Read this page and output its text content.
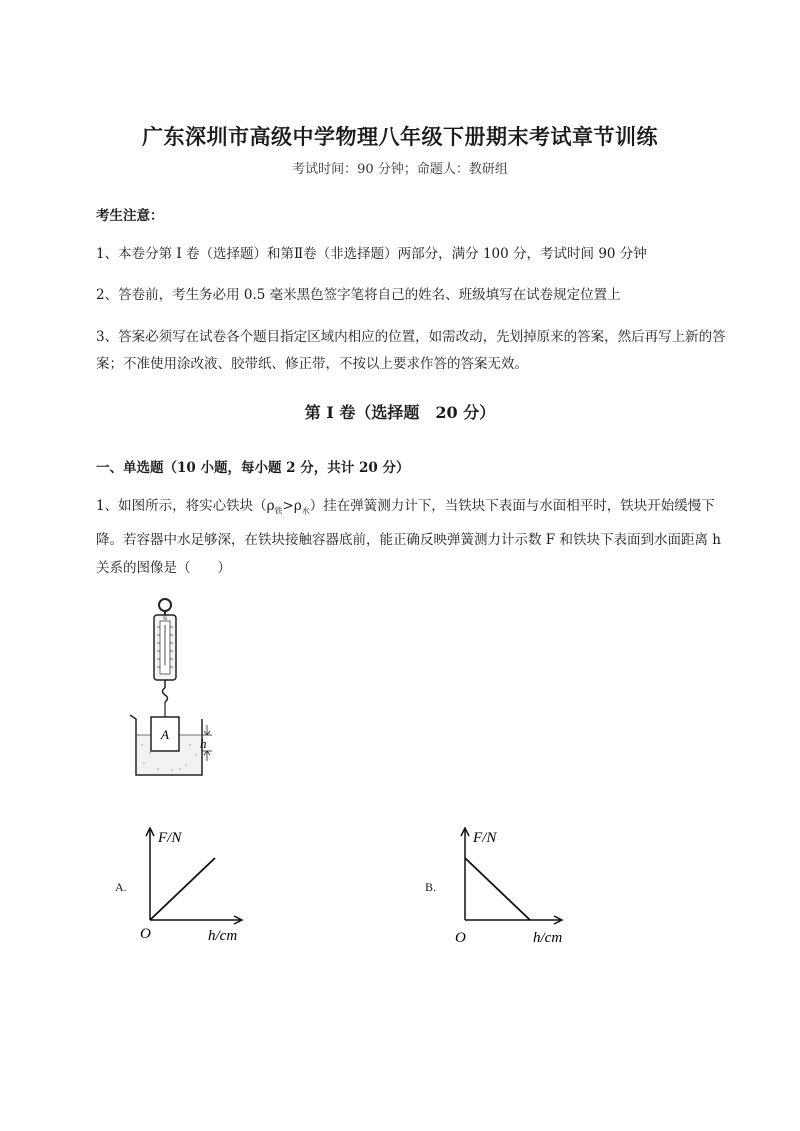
广东深圳市高级中学物理八年级下册期末考试章节训练
考试时间：90 分钟；命题人：教研组
考生注意：
1、本卷分第 I 卷（选择题）和第Ⅱ卷（非选择题）两部分，满分 100 分，考试时间 90 分钟
2、答卷前，考生务必用 0.5 毫米黑色签字笔将自己的姓名、班级填写在试卷规定位置上
3、答案必须写在试卷各个题目指定区域内相应的位置，如需改动，先划掉原来的答案，然后再写上新的答案；不准使用涂改液、胶带纸、修正带，不按以上要求作答的答案无效。
第 I 卷（选择题　20 分）
一、单选题（10 小题，每小题 2 分，共计 20 分）
1、如图所示，将实心铁块$(\rho_铁>\rho_水)$挂在弹簧测力计下，当铁块下表面与水面相平时，铁块开始缓慢下降。若容器中水足够深，在铁块接触容器底前，能正确反映弹簧测力计示数 F 和铁块下表面到水面距离 h 关系的图像是（　　）
N
A
h
A.
F/N
h/cm
O
B.
F/N
h/cm
O
